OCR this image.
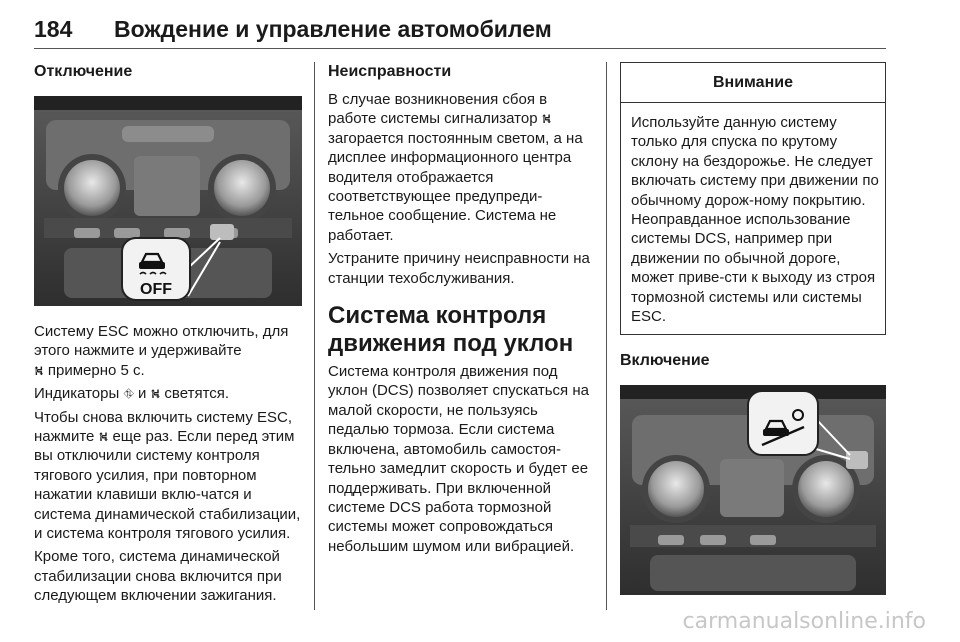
184 Вождение и управление автомобилем
Отключение
OFF
Систему ESC можно отключить, для этого нажмите и удерживайте
⛕ примерно 5 с.
Индикаторы ⛗ и ⛕ светятся.
Чтобы снова включить систему ESC, нажмите ⛕ еще раз. Если перед этим вы отключили систему контроля тягового усилия, при повторном нажатии клавиши вклю-чатся и система динамической стабилизации, и система контроля тягового усилия.
Кроме того, система динамической стабилизации снова включится при следующем включении зажигания.
Неисправности
В случае возникновения сбоя в работе системы сигнализатор ⛕ загорается постоянным светом, а на дисплее информационного центра водителя отображается соответствующее предупреди-тельное сообщение. Система не работает.
Устраните причину неисправности на станции техобслуживания.
Система контроля движения под уклон
Система контроля движения под уклон (DCS) позволяет спускаться на малой скорости, не пользуясь педалью тормоза. Если система включена, автомобиль самостоя-тельно замедлит скорость и будет ее поддерживать. При включенной системе DCS работа тормозной системы может сопровождаться небольшим шумом или вибрацией.
Внимание
Используйте данную систему только для спуска по крутому склону на бездорожье. Не следует включать систему при движении по обычному дорож-ному покрытию. Неоправданное использование системы DCS, например при движении по обычной дороге, может приве-сти к выходу из строя тормозной системы или системы ESC.
Включение
carmanualsonline.info
